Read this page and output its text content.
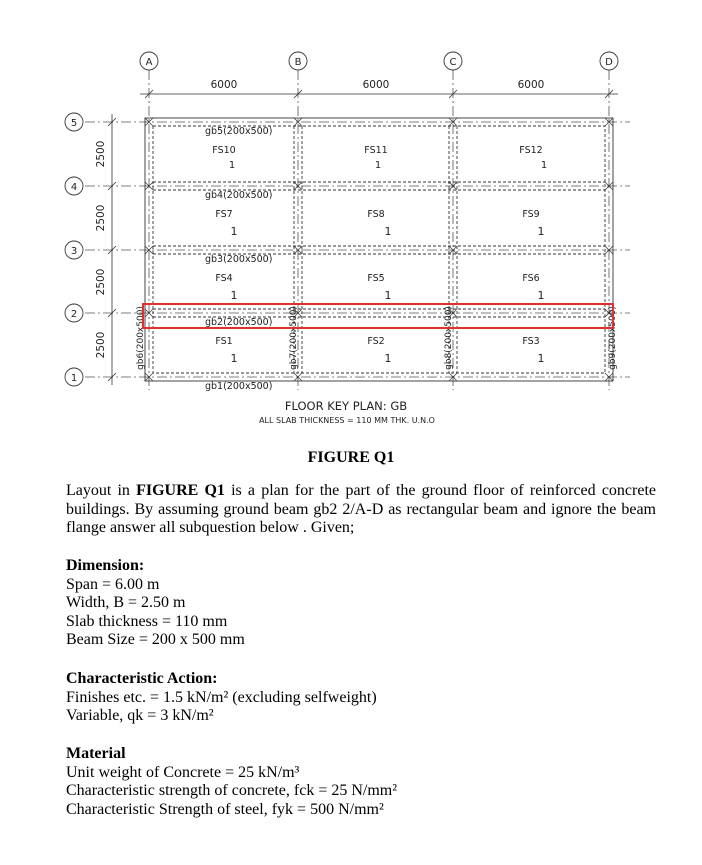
A	B	C	D
6000	6000	6000
5
4
3
2
1
2500
2500
2500
2500
gb5(200x500)
gb4(200x500)
gb3(200x500)
gb2(200x500)
gb1(200x500)
gb6(200x500)	gb7(200x500)	gb8(200x500)	gb9(200x500)
FS10
1
FS11
1
FS12
1
FS7
1
FS8
1
FS9
1
FS4
1
FS5
1
FS6
1
FS1
1
FS2
1
FS3
1
FLOOR KEY PLAN: GB
ALL SLAB THICKNESS = 110 MM THK. U.N.O
FIGURE Q1
Layout in FIGURE Q1 is a plan for the part of the ground floor of reinforced concrete buildings. By assuming ground beam gb2 2/A-D as rectangular beam and ignore the beam flange answer all subquestion below . Given;
Dimension:
Span = 6.00 m
Width, B = 2.50 m
Slab thickness = 110 mm
Beam Size = 200 x 500 mm
Characteristic Action:
Finishes etc. = 1.5 kN/m² (excluding selfweight)
Variable, qk = 3 kN/m²
Material
Unit weight of Concrete = 25 kN/m³
Characteristic strength of concrete, fck = 25 N/mm²
Characteristic Strength of steel, fyk = 500 N/mm²
